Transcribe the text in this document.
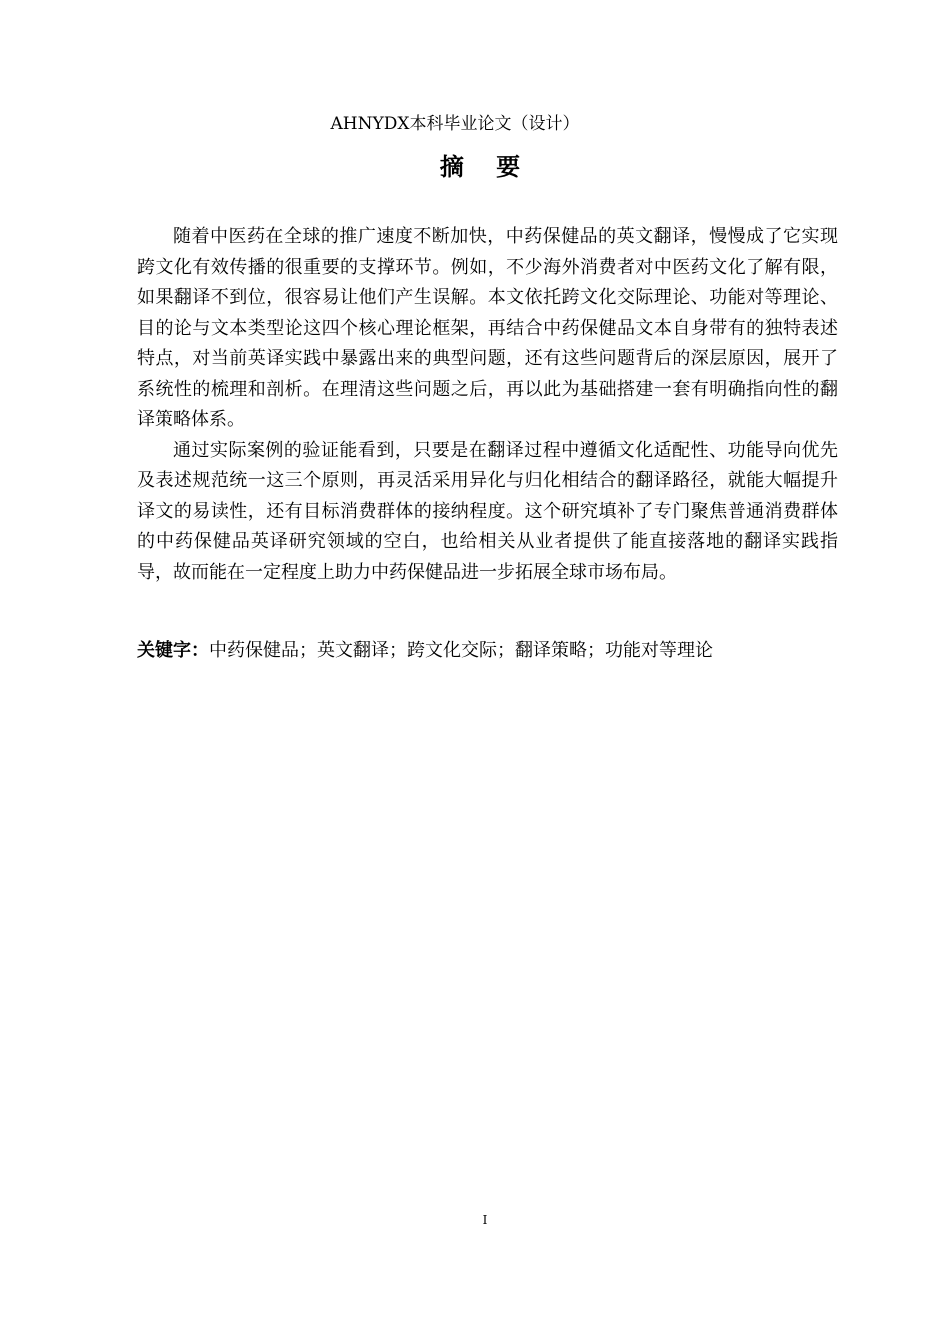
AHNYDX本科毕业论文（设计）
摘 要

随着中医药在全球的推广速度不断加快，中药保健品的英文翻译，慢慢成了它实现跨文化有效传播的很重要的支撑环节。例如，不少海外消费者对中医药文化了解有限，如果翻译不到位，很容易让他们产生误解。本文依托跨文化交际理论、功能对等理论、目的论与文本类型论这四个核心理论框架，再结合中药保健品文本自身带有的独特表述特点，对当前英译实践中暴露出来的典型问题，还有这些问题背后的深层原因，展开了系统性的梳理和剖析。在理清这些问题之后，再以此为基础搭建一套有明确指向性的翻译策略体系。

通过实际案例的验证能看到，只要是在翻译过程中遵循文化适配性、功能导向优先及表述规范统一这三个原则，再灵活采用异化与归化相结合的翻译路径，就能大幅提升译文的易读性，还有目标消费群体的接纳程度。这个研究填补了专门聚焦普通消费群体的中药保健品英译研究领域的空白，也给相关从业者提供了能直接落地的翻译实践指导，故而能在一定程度上助力中药保健品进一步拓展全球市场布局。

关键字：中药保健品；英文翻译；跨文化交际；翻译策略；功能对等理论
I
